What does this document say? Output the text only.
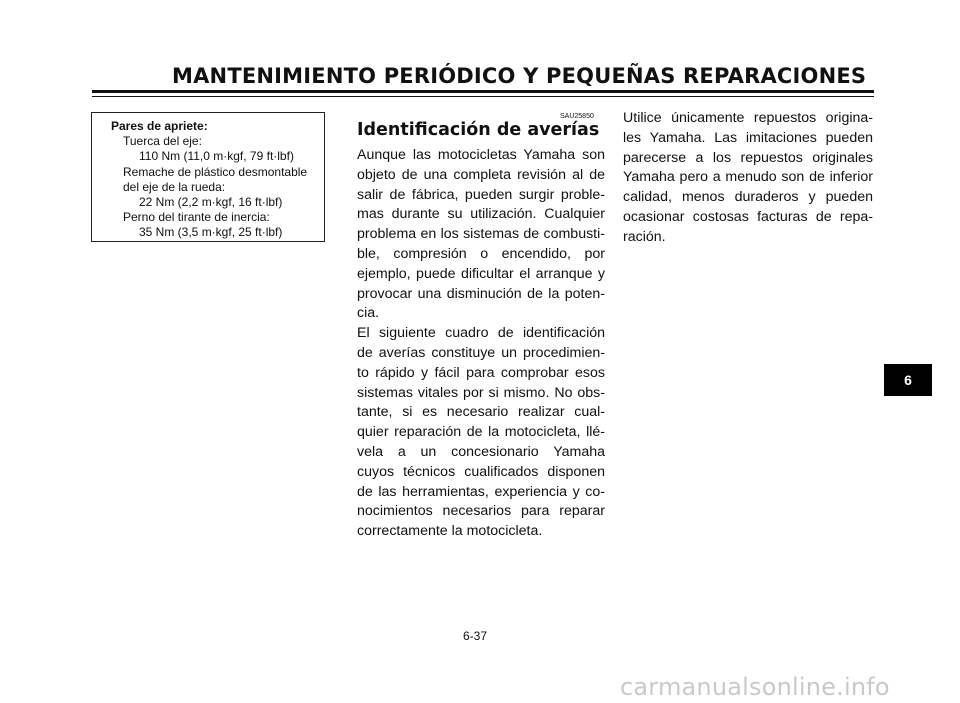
MANTENIMIENTO PERIÓDICO Y PEQUEÑAS REPARACIONES
Pares de apriete:
Tuerca del eje:
110 Nm (11,0 m·kgf, 79 ft·lbf)
Remache de plástico desmontable
del eje de la rueda:
22 Nm (2,2 m·kgf, 16 ft·lbf)
Perno del tirante de inercia:
35 Nm (3,5 m·kgf, 25 ft·lbf)
SAU25850
Identificación de averías
Aunque las motocicletas Yamaha son
objeto de una completa revisión al de
salir de fábrica, pueden surgir proble-
mas durante su utilización. Cualquier
problema en los sistemas de combusti-
ble, compresión o encendido, por
ejemplo, puede dificultar el arranque y
provocar una disminución de la poten-
cia.
El siguiente cuadro de identificación
de averías constituye un procedimien-
to rápido y fácil para comprobar esos
sistemas vitales por si mismo. No obs-
tante, si es necesario realizar cual-
quier reparación de la motocicleta, llé-
vela a un concesionario Yamaha
cuyos técnicos cualificados disponen
de las herramientas, experiencia y co-
nocimientos necesarios para reparar
correctamente la motocicleta.
Utilice únicamente repuestos origina-
les Yamaha. Las imitaciones pueden
parecerse a los repuestos originales
Yamaha pero a menudo son de inferior
calidad, menos duraderos y pueden
ocasionar costosas facturas de repa-
ración.
6
6-37
carmanualsonline.info
